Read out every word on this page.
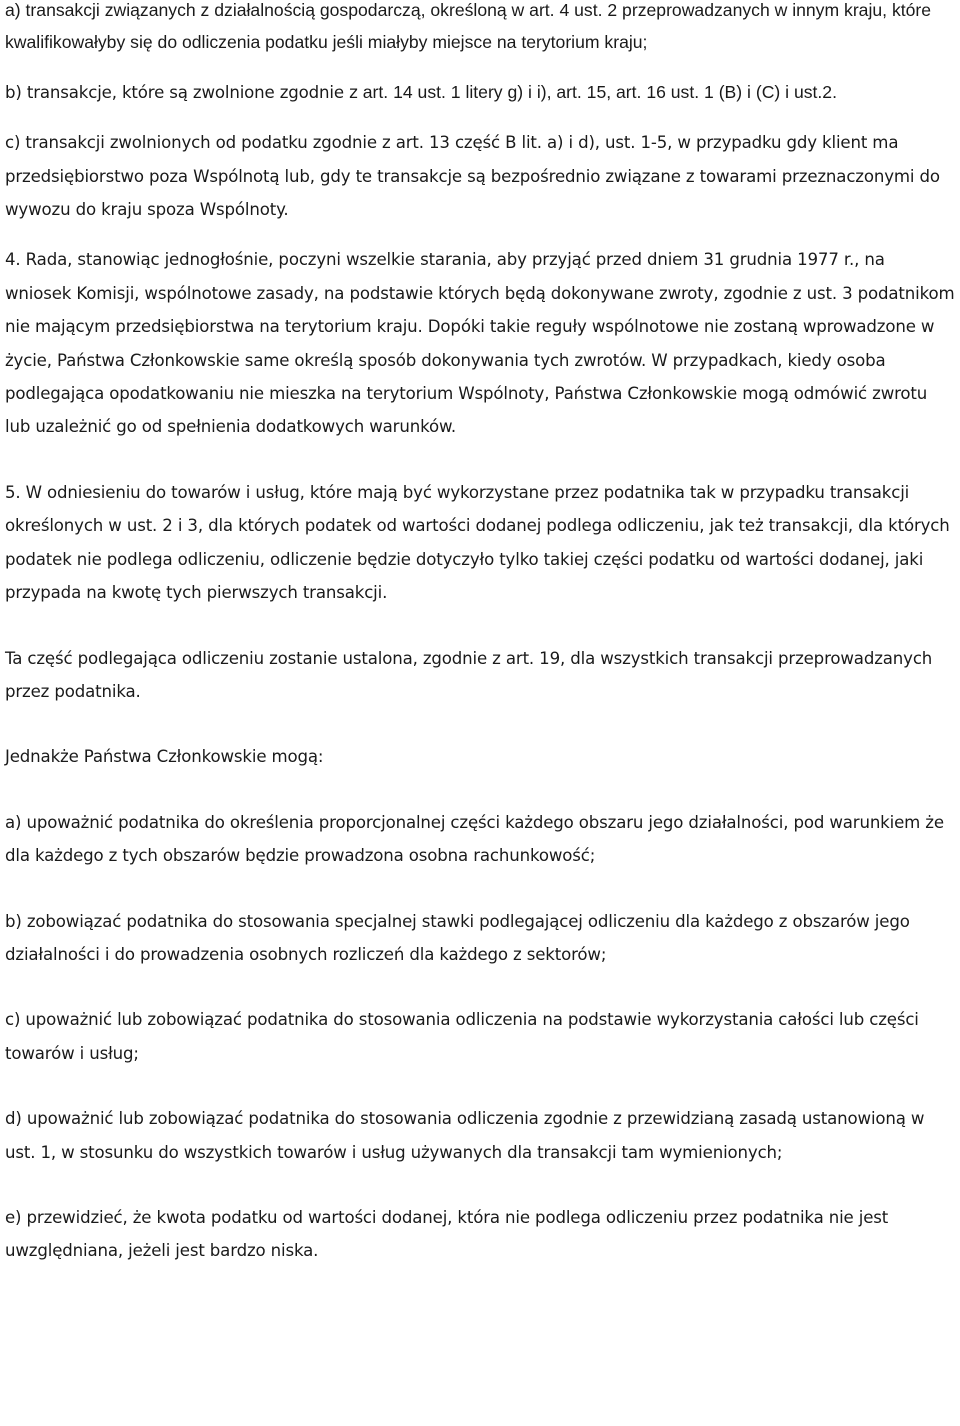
a) transakcji związanych z działalnością gospodarczą, określoną w art. 4 ust. 2 przeprowadzanych w innym kraju, które kwalifikowałyby się do odliczenia podatku jeśli miałyby miejsce na terytorium kraju;

b) transakcje, które są zwolnione zgodnie z art. 14 ust. 1 litery g) i i), art. 15, art. 16 ust. 1 (B) i (C) i ust.2.

c) transakcji zwolnionych od podatku zgodnie z art. 13 część B lit. a) i d), ust. 1-5, w przypadku gdy klient ma przedsiębiorstwo poza Wspólnotą lub, gdy te transakcje są bezpośrednio związane z towarami przeznaczonymi do wywozu do kraju spoza Wspólnoty.

4. Rada, stanowiąc jednogłośnie, poczyni wszelkie starania, aby przyjąć przed dniem 31 grudnia 1977 r., na wniosek Komisji, wspólnotowe zasady, na podstawie których będą dokonywane zwroty, zgodnie z ust. 3 podatnikom nie mającym przedsiębiorstwa na terytorium kraju. Dopóki takie reguły wspólnotowe nie zostaną wprowadzone w życie, Państwa Członkowskie same określą sposób dokonywania tych zwrotów. W przypadkach, kiedy osoba podlegająca opodatkowaniu nie mieszka na terytorium Wspólnoty, Państwa Członkowskie mogą odmówić zwrotu lub uzależnić go od spełnienia dodatkowych warunków.

5. W odniesieniu do towarów i usług, które mają być wykorzystane przez podatnika tak w przypadku transakcji określonych w ust. 2 i 3, dla których podatek od wartości dodanej podlega odliczeniu, jak też transakcji, dla których podatek nie podlega odliczeniu, odliczenie będzie dotyczyło tylko takiej części podatku od wartości dodanej, jaki przypada na kwotę tych pierwszych transakcji.

Ta część podlegająca odliczeniu zostanie ustalona, zgodnie z art. 19, dla wszystkich transakcji przeprowadzanych przez podatnika.

Jednakże Państwa Członkowskie mogą:

a) upoważnić podatnika do określenia proporcjonalnej części każdego obszaru jego działalności, pod warunkiem że dla każdego z tych obszarów będzie prowadzona osobna rachunkowość;

b) zobowiązać podatnika do stosowania specjalnej stawki podlegającej odliczeniu dla każdego z obszarów jego działalności i do prowadzenia osobnych rozliczeń dla każdego z sektorów;

c) upoważnić lub zobowiązać podatnika do stosowania odliczenia na podstawie wykorzystania całości lub części towarów i usług;

d) upoważnić lub zobowiązać podatnika do stosowania odliczenia zgodnie z przewidzianą zasadą ustanowioną w ust. 1, w stosunku do wszystkich towarów i usług używanych dla transakcji tam wymienionych;

e) przewidzieć, że kwota podatku od wartości dodanej, która nie podlega odliczeniu przez podatnika nie jest uwzględniana, jeżeli jest bardzo niska.
